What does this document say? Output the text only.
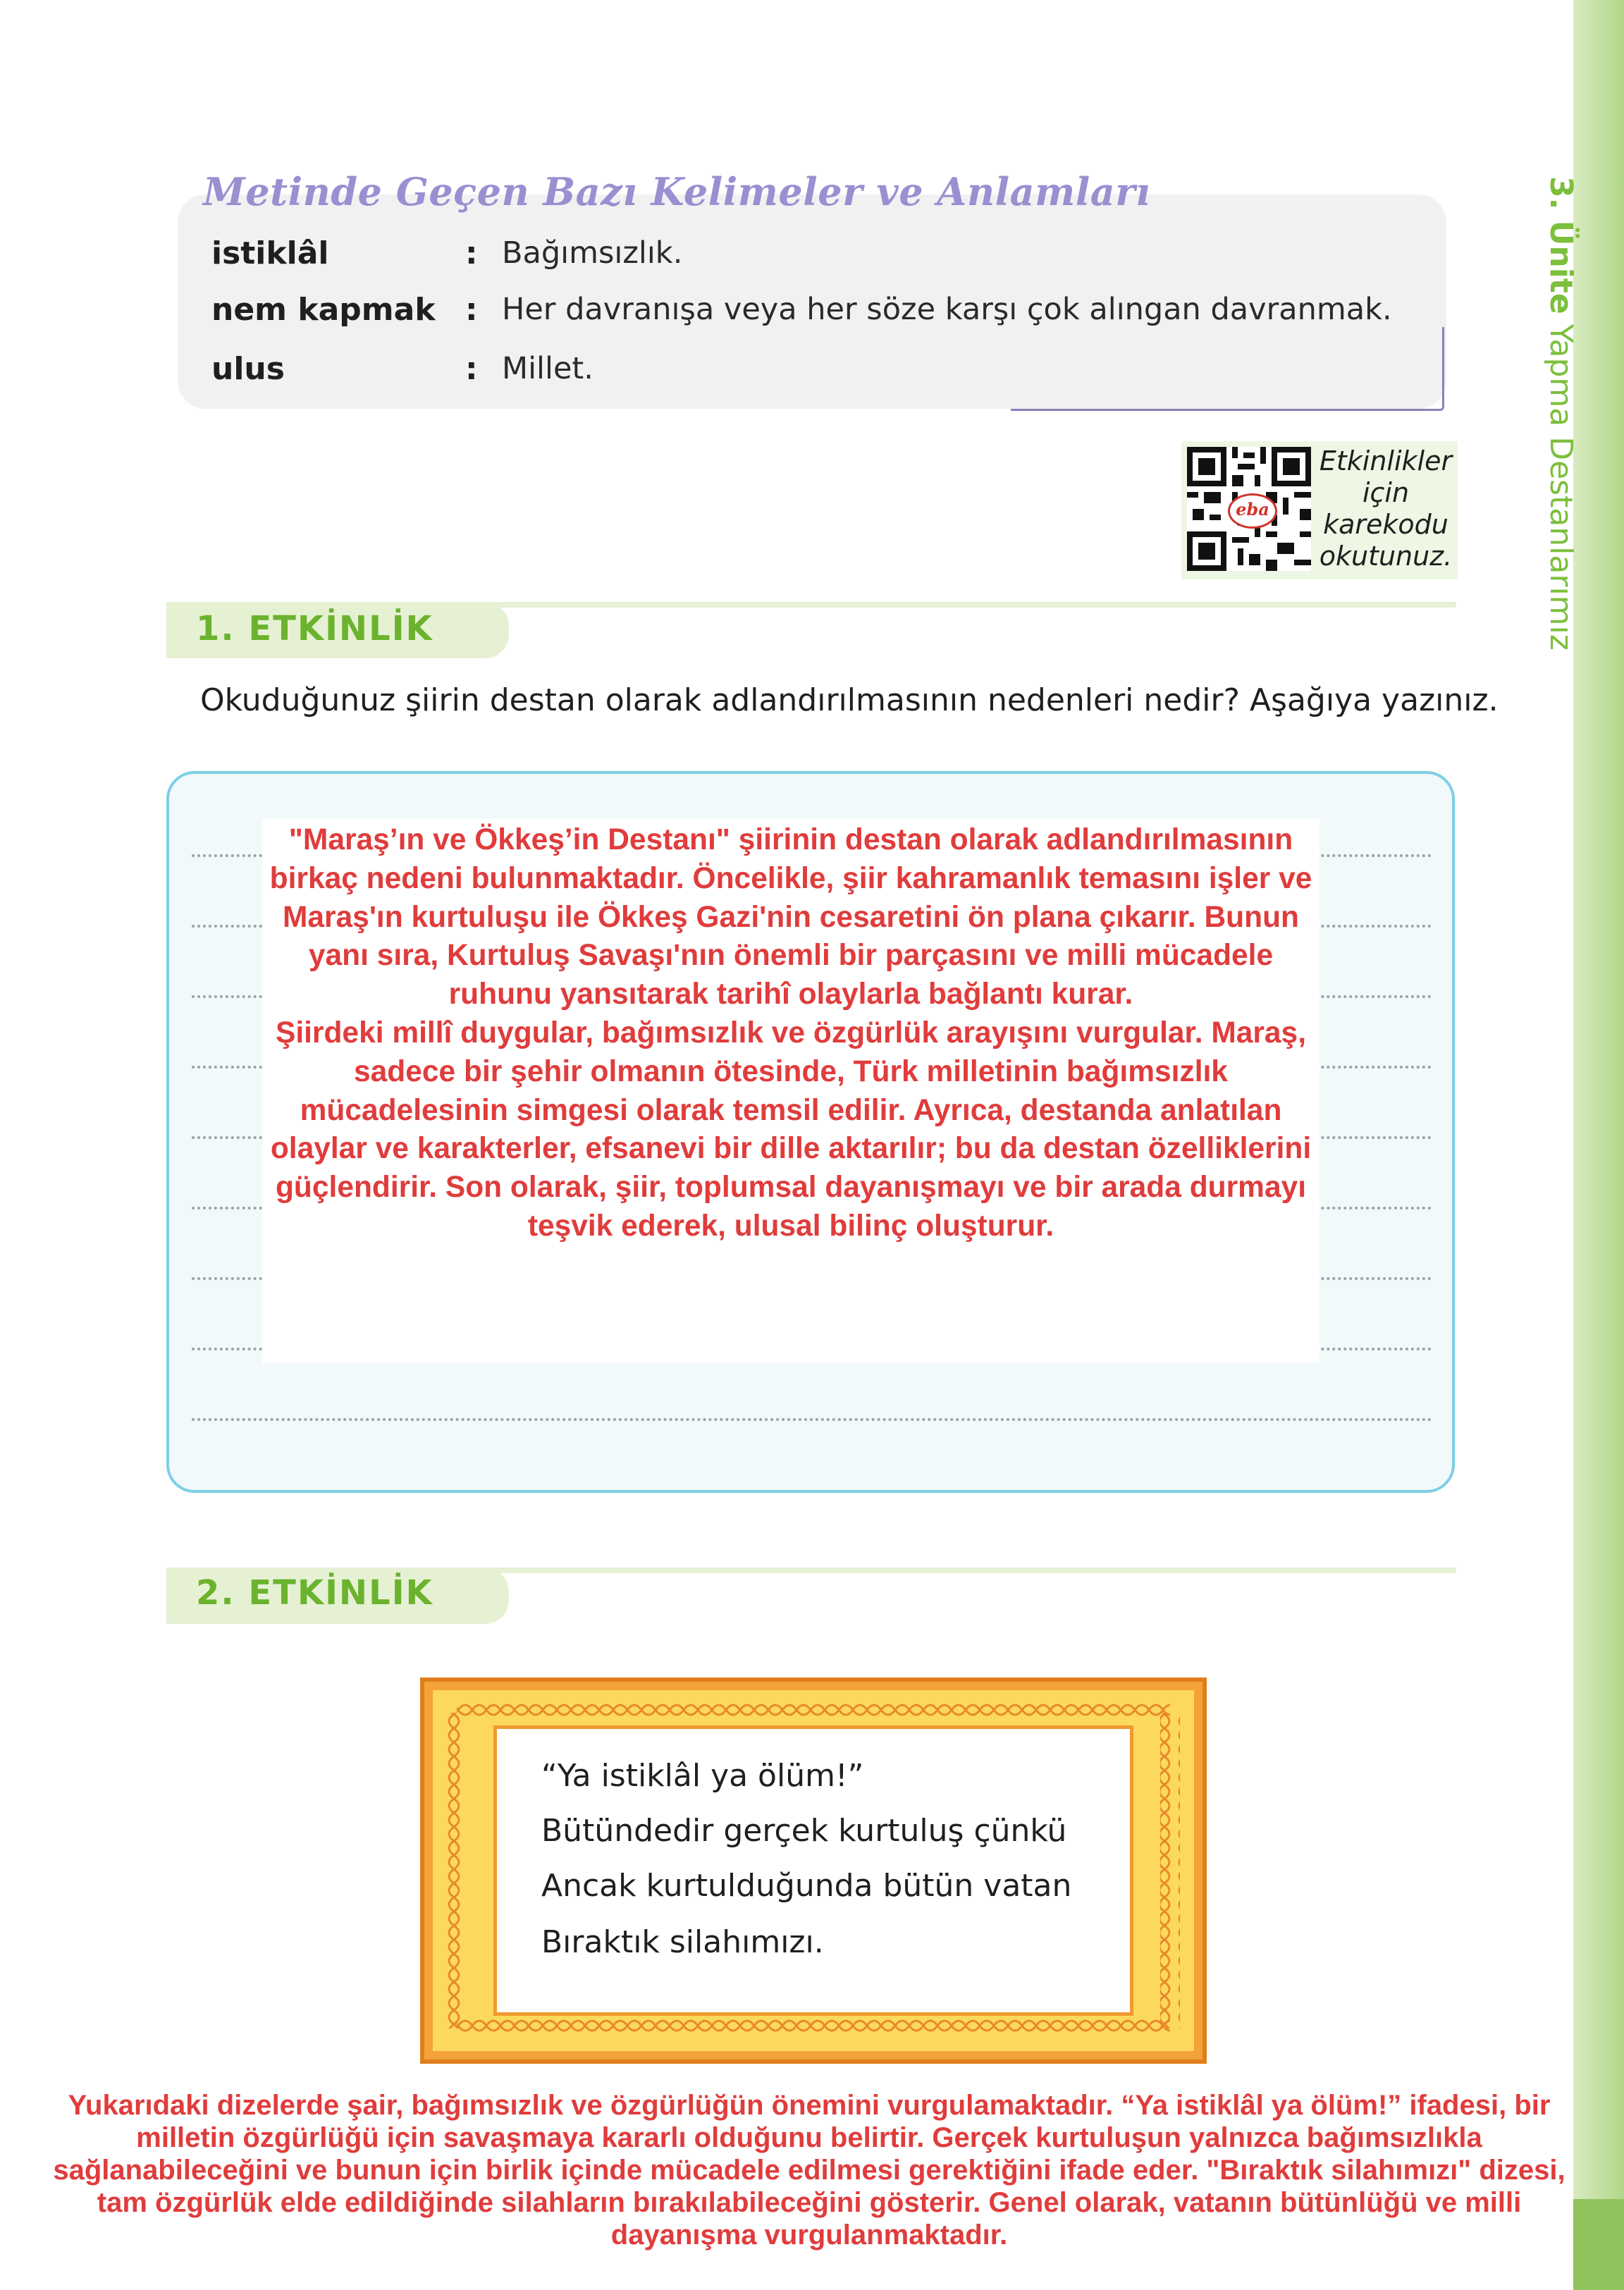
3. Ünite Yapma Destanlarımız
Metinde Geçen Bazı Kelimeler ve Anlamları
istiklâl	: Bağımsızlık.
nem kapmak : Her davranışa veya her söze karşı çok alıngan davranmak.
ulus	: Millet.
eba
Etkinlikler için karekodu okutunuz.
1. ETKİNLİK
Okuduğunuz şiirin destan olarak adlandırılmasının nedenleri nedir? Aşağıya yazınız.

"Maraş’ın ve Ökkeş’in Destanı" şiirinin destan olarak adlandırılmasının birkaç nedeni bulunmaktadır. Öncelikle, şiir kahramanlık temasını işler ve Maraş'ın kurtuluşu ile Ökkeş Gazi'nin cesaretini ön plana çıkarır. Bunun yanı sıra, Kurtuluş Savaşı'nın önemli bir parçasını ve milli mücadele ruhunu yansıtarak tarihî olaylarla bağlantı kurar.

Şiirdeki millî duygular, bağımsızlık ve özgürlük arayışını vurgular. Maraş, sadece bir şehir olmanın ötesinde, Türk milletinin bağımsızlık mücadelesinin simgesi olarak temsil edilir. Ayrıca, destanda anlatılan olaylar ve karakterler, efsanevi bir dille aktarılır; bu da destan özelliklerini güçlendirir. Son olarak, şiir, toplumsal dayanışmayı ve bir arada durmayı teşvik ederek, ulusal bilinç oluşturur.

2. ETKİNLİK
“Ya istiklâl ya ölüm!”
Bütündedir gerçek kurtuluş çünkü
Ancak kurtulduğunda bütün vatan
Bıraktık silahımızı.

Yukarıdaki dizelerde şair, bağımsızlık ve özgürlüğün önemini vurgulamaktadır. “Ya istiklâl ya ölüm!” ifadesi, bir milletin özgürlüğü için savaşmaya kararlı olduğunu belirtir. Gerçek kurtuluşun yalnızca bağımsızlıkla sağlanabileceğini ve bunun için birlik içinde mücadele edilmesi gerektiğini ifade eder. "Bıraktık silahımızı" dizesi, tam özgürlük elde edildiğinde silahların bırakılabileceğini gösterir. Genel olarak, vatanın bütünlüğü ve milli dayanışma vurgulanmaktadır.
